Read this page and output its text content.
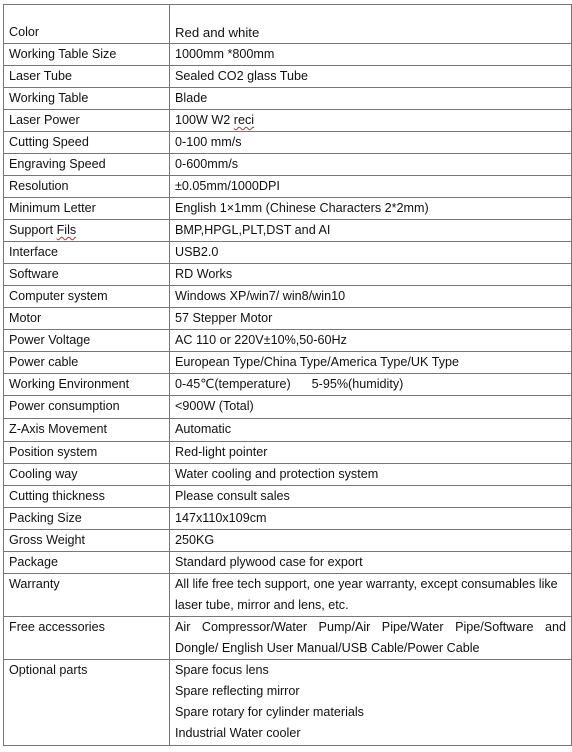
Color	Red and white
Working Table Size	1000mm *800mm
Laser Tube	Sealed CO2 glass Tube
Working Table	Blade
Laser Power	100W W2 reci
Cutting Speed	0-100 mm/s
Engraving Speed	0-600mm/s
Resolution	±0.05mm/1000DPI
Minimum Letter	English 1×1mm (Chinese Characters 2*2mm)
Support Fils	BMP,HPGL,PLT,DST and AI
Interface	USB2.0
Software	RD Works
Computer system	Windows XP/win7/ win8/win10
Motor	57 Stepper Motor
Power Voltage	AC 110 or 220V±10%,50-60Hz
Power cable	European Type/China Type/America Type/UK Type
Working Environment	0-45℃(temperature)      5-95%(humidity)
Power consumption	<900W (Total)
Z-Axis Movement	Automatic
Position system	Red-light pointer
Cooling way	Water cooling and protection system
Cutting thickness	Please consult sales
Packing Size	147x110x109cm
Gross Weight	250KG
Package	Standard plywood case for export
Warranty	All life free tech support, one year warranty, except consumables like
laser tube, mirror and lens, etc.

Free accessories	Air Compressor/Water Pump/Air Pipe/Water Pipe/Software and
Dongle/ English User Manual/USB Cable/Power Cable

Optional parts	Spare focus lens
Spare reflecting mirror
Spare rotary for cylinder materials
Industrial Water cooler
